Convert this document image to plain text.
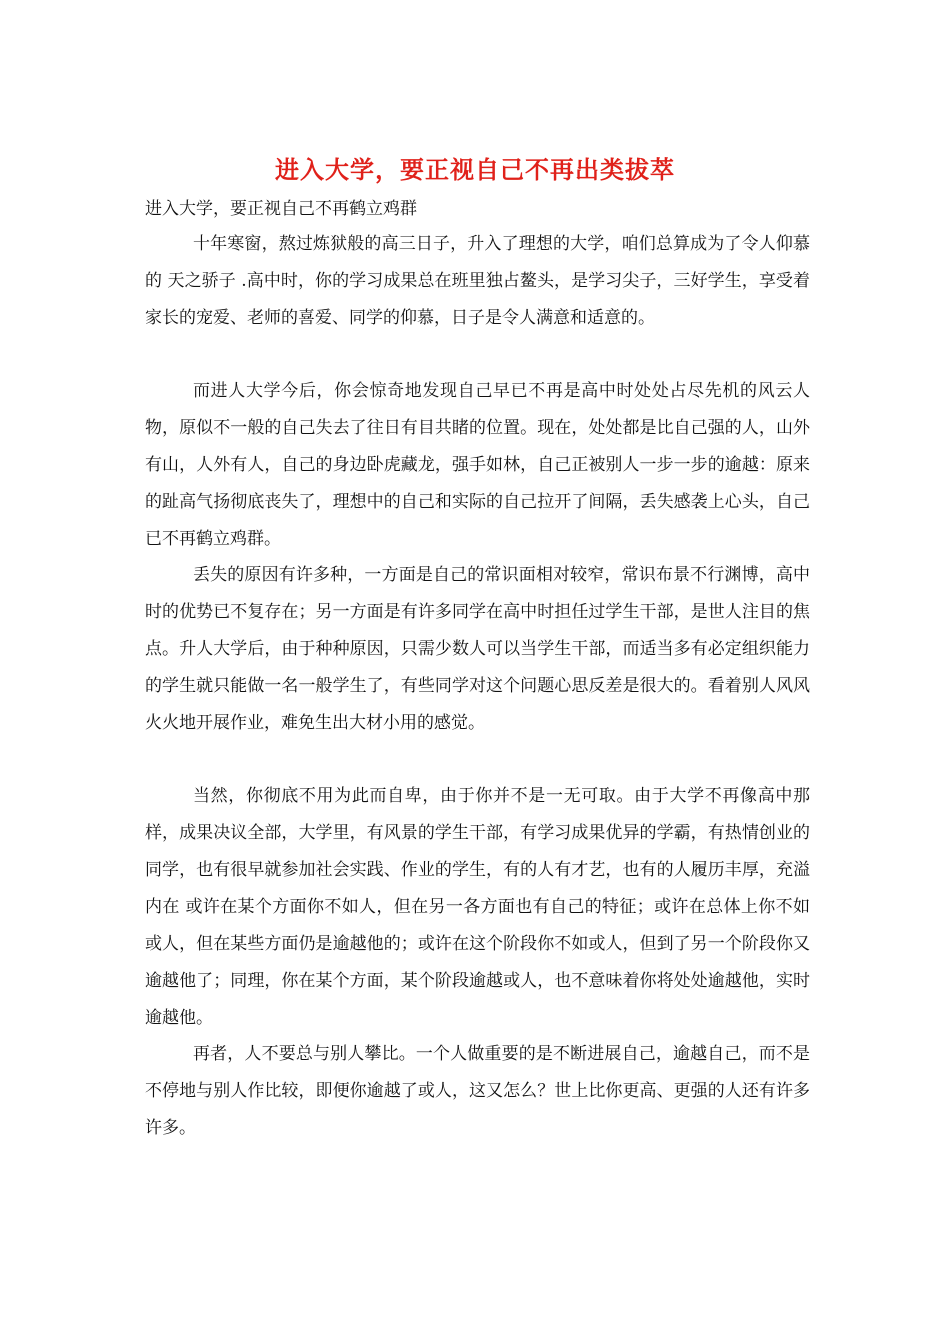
进入大学，要正视自己不再出类拔萃
进入大学，要正视自己不再鹤立鸡群

十年寒窗，熬过炼狱般的高三日子，升入了理想的大学，咱们总算成为了令人仰慕的 天之骄子 .高中时，你的学习成果总在班里独占鳌头，是学习尖子，三好学生，享受着家长的宠爱、老师的喜爱、同学的仰慕，日子是令人满意和适意的。

而进人大学今后，你会惊奇地发现自己早已不再是高中时处处占尽先机的风云人物，原似不一般的自己失去了往日有目共睹的位置。现在，处处都是比自己强的人，山外有山，人外有人，自己的身边卧虎藏龙，强手如林，自己正被别人一步一步的逾越：原来的趾高气扬彻底丧失了，理想中的自己和实际的自己拉开了间隔，丢失感袭上心头，自己已不再鹤立鸡群。

丢失的原因有许多种，一方面是自己的常识面相对较窄，常识布景不行渊博，高中时的优势已不复存在；另一方面是有许多同学在高中时担任过学生干部，是世人注目的焦点。升人大学后，由于种种原因，只需少数人可以当学生干部，而适当多有必定组织能力的学生就只能做一名一般学生了，有些同学对这个问题心思反差是很大的。看着别人风风火火地开展作业，难免生出大材小用的感觉。

当然，你彻底不用为此而自卑，由于你并不是一无可取。由于大学不再像高中那样，成果决议全部，大学里，有风景的学生干部，有学习成果优异的学霸，有热情创业的同学，也有很早就参加社会实践、作业的学生，有的人有才艺，也有的人履历丰厚，充溢内在 或许在某个方面你不如人，但在另一各方面也有自己的特征；或许在总体上你不如或人，但在某些方面仍是逾越他的；或许在这个阶段你不如或人，但到了另一个阶段你又逾越他了；同理，你在某个方面，某个阶段逾越或人，也不意味着你将处处逾越他，实时逾越他。

再者，人不要总与别人攀比。一个人做重要的是不断进展自己，逾越自己，而不是不停地与别人作比较，即便你逾越了或人，这又怎么？世上比你更高、更强的人还有许多许多。
